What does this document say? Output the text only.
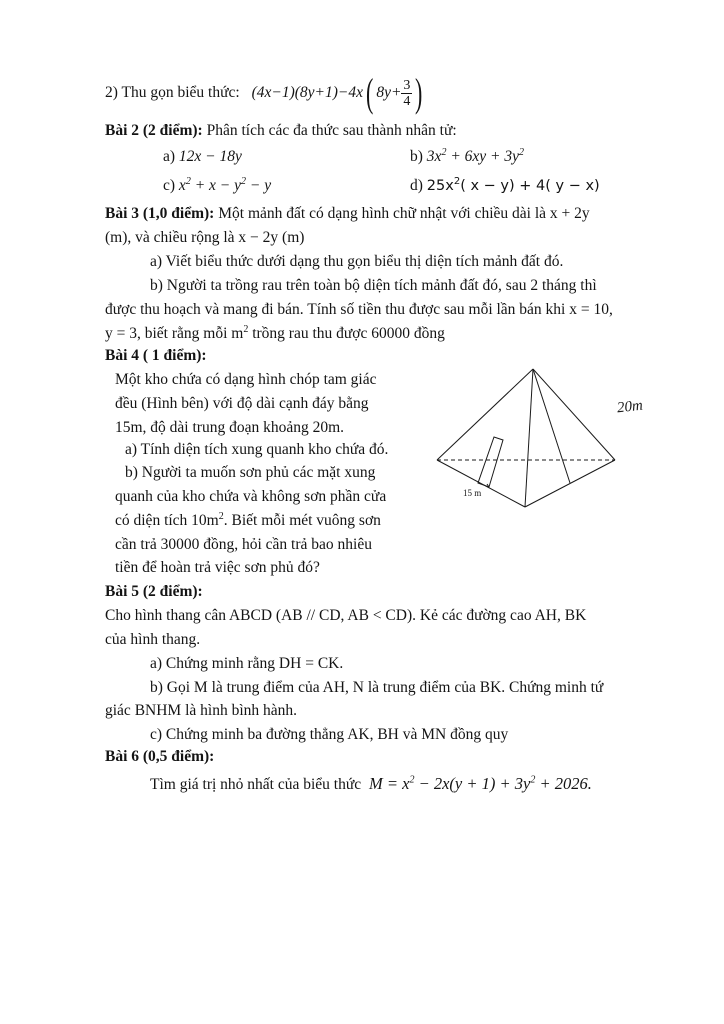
2) Thu gọn biểu thức: (4x−1)(8y+1)−4x( $8y+ \frac{3}{4}$ )
Bài 2 (2 điểm): Phân tích các đa thức sau thành nhân tử:
a) 12x − 18y	b) $3x^2 + 6xy + 3y^2$
c) $x^2 + x - y^2 - y$	d) $25x^2$( x − y) + 4( y − x)
Bài 3 (1,0 điểm): Một mảnh đất có dạng hình chữ nhật với chiều dài là x + 2y
(m), và chiều rộng là x − 2y (m)
a) Viết biểu thức dưới dạng thu gọn biểu thị diện tích mảnh đất đó.
b) Người ta trồng rau trên toàn bộ diện tích mảnh đất đó, sau 2 tháng thì
được thu hoạch và mang đi bán. Tính số tiền thu được sau mỗi lần bán khi x = 10,
y = 3, biết rằng mỗi $m^2$ trồng rau thu được 60000 đồng
Bài 4 ( 1 điểm):
Một kho chứa có dạng hình chóp tam giác
đều (Hình bên) với độ dài cạnh đáy bằng
15m, độ dài trung đoạn khoảng 20m.
a) Tính diện tích xung quanh kho chứa đó.
b) Người ta muốn sơn phủ các mặt xung
quanh của kho chứa và không sơn phần cửa
có diện tích $10m^2$. Biết mỗi mét vuông sơn
cần trả 30000 đồng, hỏi cần trả bao nhiêu
tiền để hoàn trả việc sơn phủ đó?
15 m
20m
Bài 5 (2 điểm):
Cho hình thang cân ABCD (AB // CD, AB < CD). Kẻ các đường cao AH, BK
của hình thang.
a) Chứng minh rằng DH = CK.
b) Gọi M là trung điểm của AH, N là trung điểm của BK. Chứng minh tứ
giác BNHM là hình bình hành.
c) Chứng minh ba đường thẳng AK, BH và MN đồng quy
Bài 6 (0,5 điểm):
Tìm giá trị nhỏ nhất của biểu thức $M = x^2 - 2x(y + 1) + 3y^2 + 2026$.
